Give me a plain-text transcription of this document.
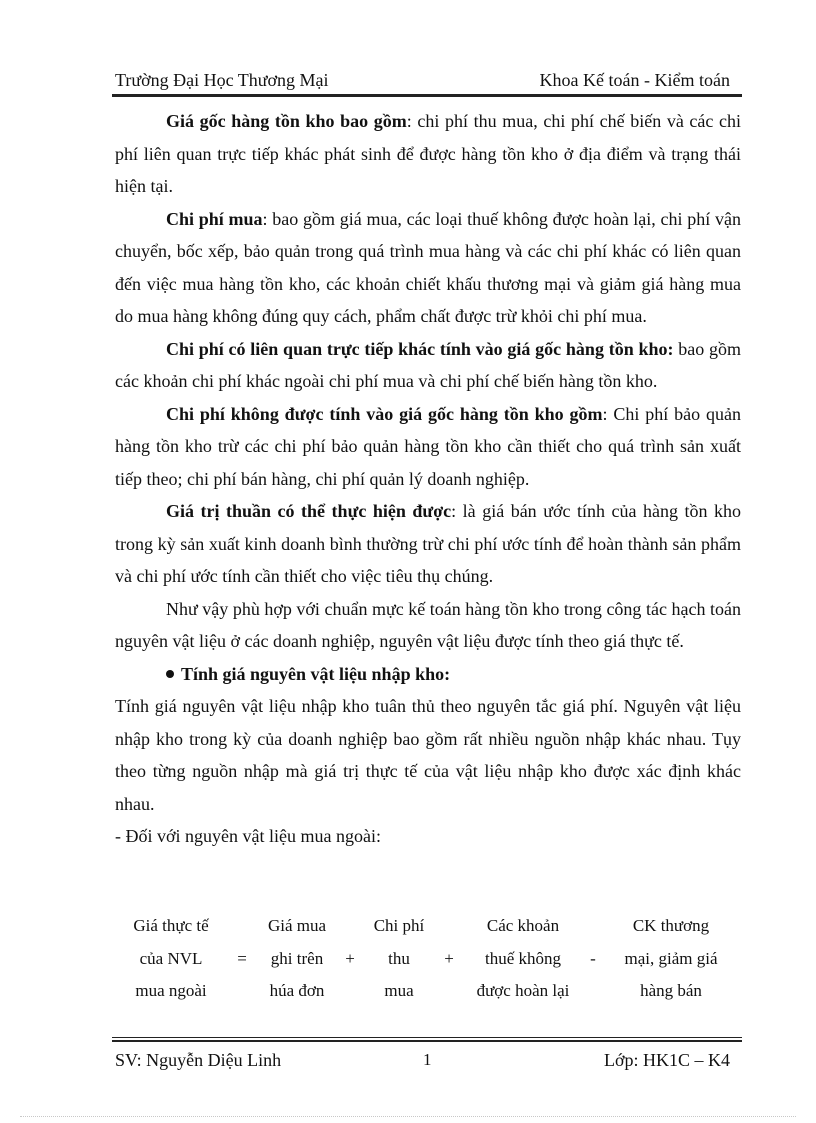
Trường Đại Học Thương Mại	Khoa Kế toán - Kiểm toán

Giá gốc hàng tồn kho bao gồm: chi phí thu mua, chi phí chế biến và các chi phí liên quan trực tiếp khác phát sinh để được hàng tồn kho ở địa điểm và trạng thái hiện tại.

Chi phí mua: bao gồm giá mua, các loại thuế không được hoàn lại, chi phí vận chuyển, bốc xếp, bảo quản trong quá trình mua hàng và các chi phí khác có liên quan đến việc mua hàng tồn kho, các khoản chiết khấu thương mại và giảm giá hàng mua do mua hàng không đúng quy cách, phẩm chất được trừ khỏi chi phí mua.

Chi phí có liên quan trực tiếp khác tính vào giá gốc hàng tồn kho: bao gồm các khoản chi phí khác ngoài chi phí mua và chi phí chế biến hàng tồn kho.

Chi phí không được tính vào giá gốc hàng tồn kho gồm: Chi phí bảo quản hàng tồn kho trừ các chi phí bảo quản hàng tồn kho cần thiết cho quá trình sản xuất tiếp theo; chi phí bán hàng, chi phí quản lý doanh nghiệp.

Giá trị thuần có thể thực hiện được: là giá bán ước tính của hàng tồn kho trong kỳ sản xuất kinh doanh bình thường trừ chi phí ước tính để hoàn thành sản phẩm và chi phí ước tính cần thiết cho việc tiêu thụ chúng.

Như vậy phù hợp với chuẩn mực kế toán hàng tồn kho trong công tác hạch toán nguyên vật liệu ở các doanh nghiệp, nguyên vật liệu được tính theo giá thực tế.

Tính giá nguyên vật liệu nhập kho:

Tính giá nguyên vật liệu nhập kho tuân thủ theo nguyên tắc giá phí. Nguyên vật liệu nhập kho trong kỳ của doanh nghiệp bao gồm rất nhiều nguồn nhập khác nhau. Tụy theo từng nguồn nhập mà giá trị thực tế của vật liệu nhập kho được xác định khác nhau.

- Đối với nguyên vật liệu mua ngoài:

Giá thực tế	Giá mua	Chi phí	Các khoản	CK thương
của NVL	=	ghi trên	+	thu	+	thuế không	-	mại, giảm giá
mua ngoài	húa đơn	mua	được hoàn lại	hàng bán
SV: Nguyễn Diệu Linh	1	Lớp: HK1C – K4
